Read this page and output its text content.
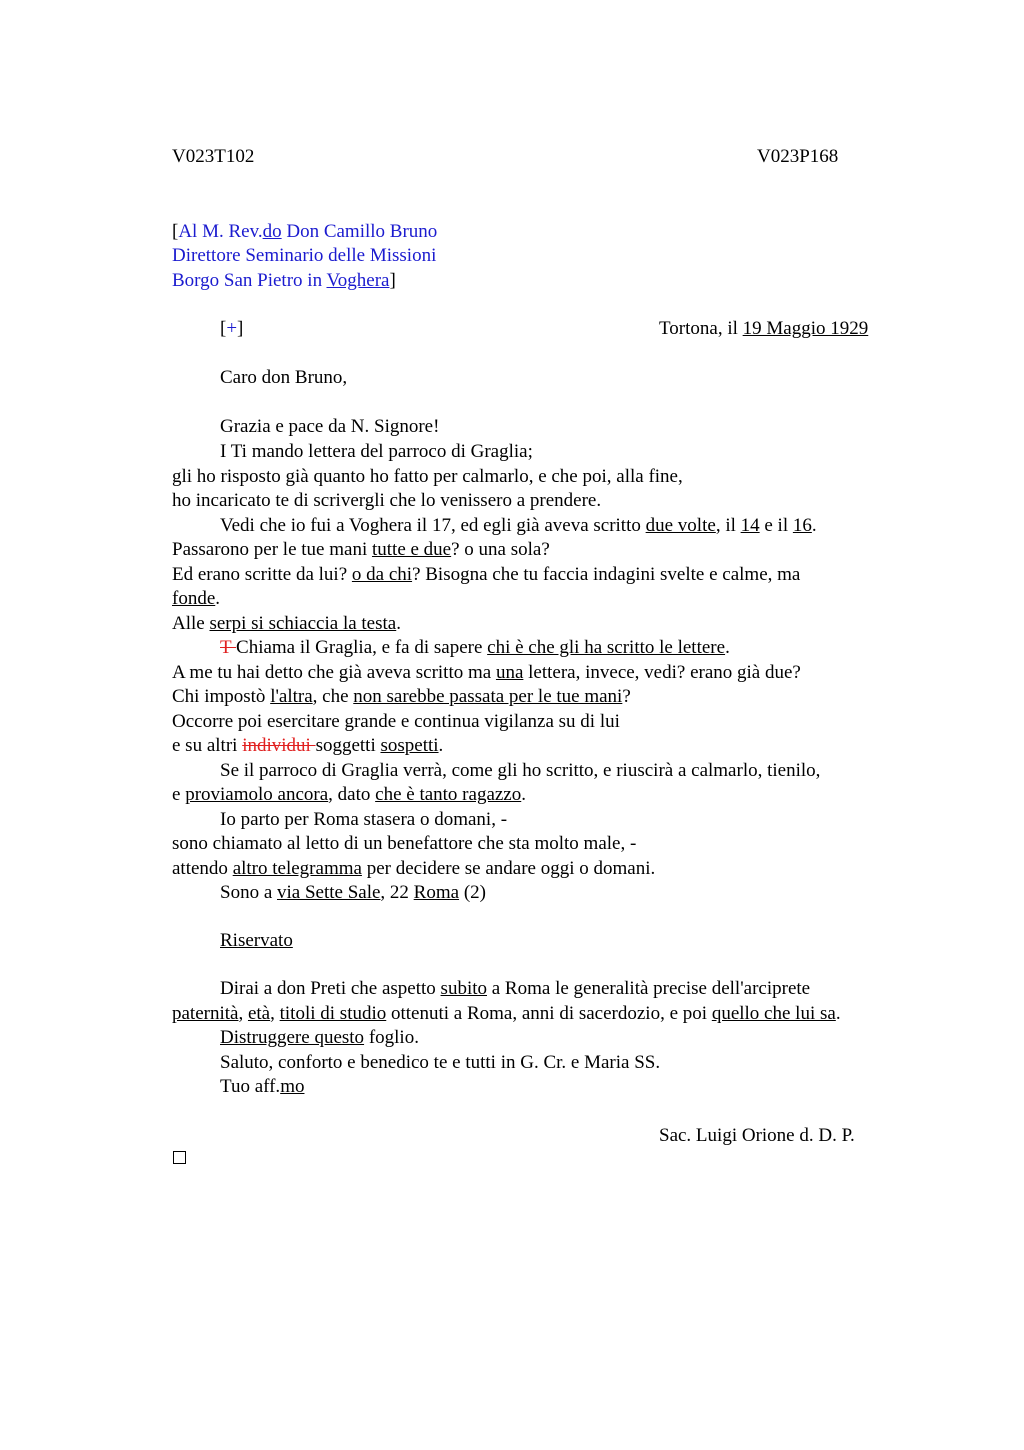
V023T102	V023P168
[Al M. Rev.do Don Camillo Bruno
Direttore Seminario delle Missioni
Borgo San Pietro in Voghera]
[+]	Tortona, il 19 Maggio 1929
Caro don Bruno,
Grazia e pace da N. Signore!
I Ti mando lettera del parroco di Graglia;
gli ho risposto già quanto ho fatto per calmarlo, e che poi, alla fine,
ho incaricato te di scrivergli che lo venissero a prendere.
Vedi che io fui a Voghera il 17, ed egli già aveva scritto due volte, il 14 e il 16.
Passarono per le tue mani tutte e due? o una sola?
Ed erano scritte da lui? o da chi? Bisogna che tu faccia indagini svelte e calme, ma
fonde.
Alle serpi si schiaccia la testa.
T Chiama il Graglia, e fa di sapere chi è che gli ha scritto le lettere.
A me tu hai detto che già aveva scritto ma una lettera, invece, vedi? erano già due?
Chi impostò l'altra, che non sarebbe passata per le tue mani?
Occorre poi esercitare grande e continua vigilanza su di lui
e su altri individui soggetti sospetti.
Se il parroco di Graglia verrà, come gli ho scritto, e riuscirà a calmarlo, tienilo,
e proviamolo ancora, dato che è tanto ragazzo.
Io parto per Roma stasera o domani, -
sono chiamato al letto di un benefattore che sta molto male, -
attendo altro telegramma per decidere se andare oggi o domani.
Sono a via Sette Sale, 22 Roma (2)
Riservato
Dirai a don Preti che aspetto subito a Roma le generalità precise dell'arciprete
paternità, età, titoli di studio ottenuti a Roma, anni di sacerdozio, e poi quello che lui sa.
Distruggere questo foglio.
Saluto, conforto e benedico te e tutti in G. Cr. e Maria SS.
Tuo aff.mo
Sac. Luigi Orione d. D. P.
